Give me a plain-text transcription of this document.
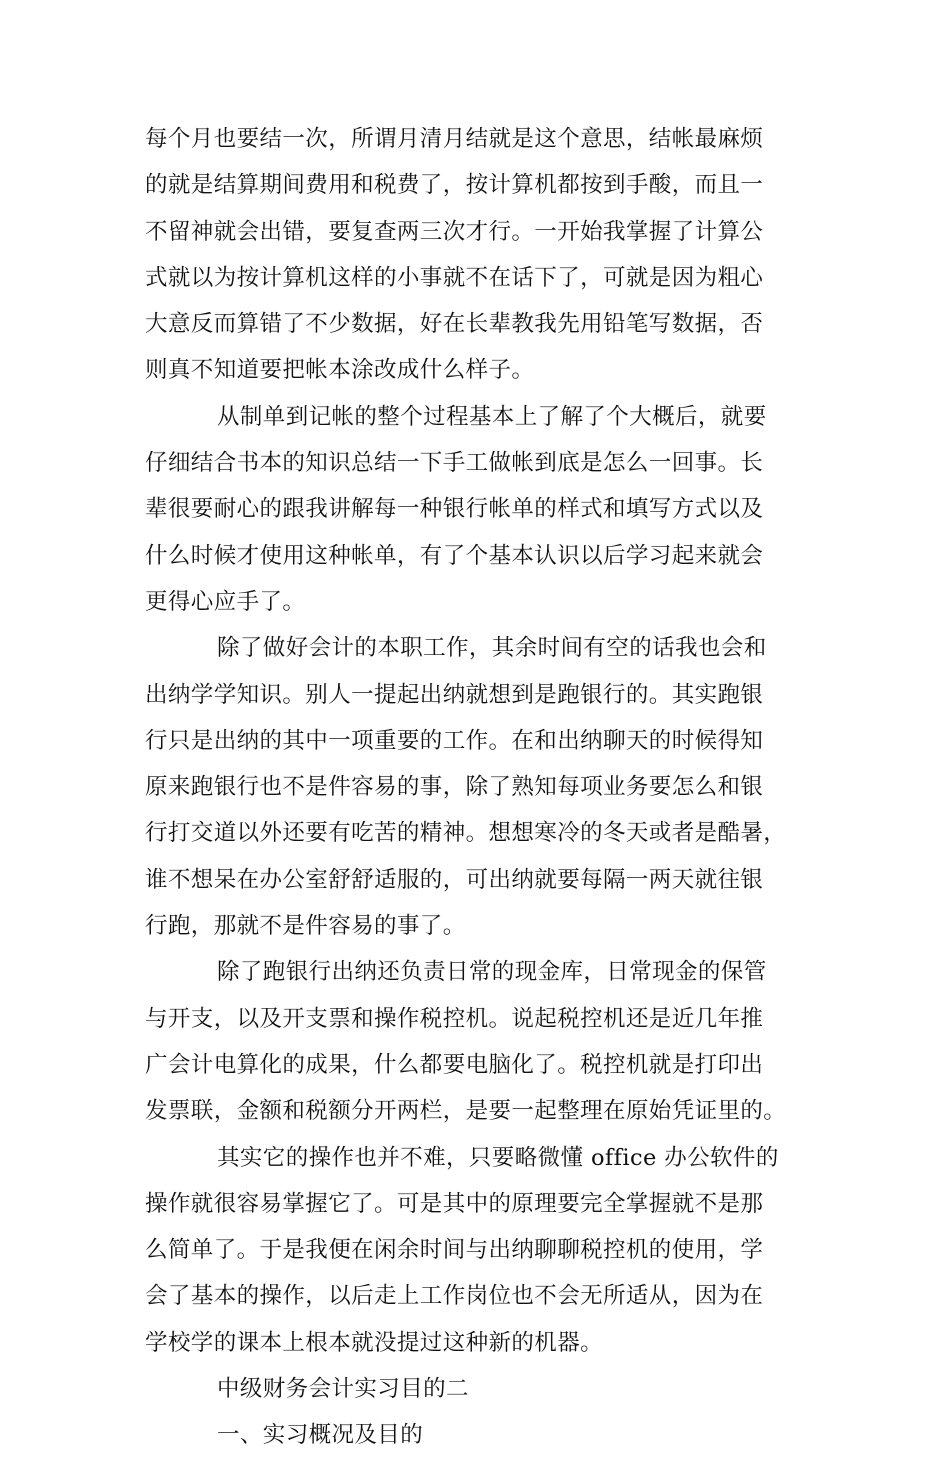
每个月也要结一次，所谓月清月结就是这个意思，结帐最麻烦
的就是结算期间费用和税费了，按计算机都按到手酸，而且一
不留神就会出错，要复查两三次才行。一开始我掌握了计算公
式就以为按计算机这样的小事就不在话下了，可就是因为粗心
大意反而算错了不少数据，好在长辈教我先用铅笔写数据，否
则真不知道要把帐本涂改成什么样子。
从制单到记帐的整个过程基本上了解了个大概后，就要
仔细结合书本的知识总结一下手工做帐到底是怎么一回事。长
辈很要耐心的跟我讲解每一种银行帐单的样式和填写方式以及
什么时候才使用这种帐单，有了个基本认识以后学习起来就会
更得心应手了。
除了做好会计的本职工作，其余时间有空的话我也会和
出纳学学知识。别人一提起出纳就想到是跑银行的。其实跑银
行只是出纳的其中一项重要的工作。在和出纳聊天的时候得知
原来跑银行也不是件容易的事，除了熟知每项业务要怎么和银
行打交道以外还要有吃苦的精神。想想寒冷的冬天或者是酷暑，
谁不想呆在办公室舒舒适服的，可出纳就要每隔一两天就往银
行跑，那就不是件容易的事了。
除了跑银行出纳还负责日常的现金库，日常现金的保管
与开支，以及开支票和操作税控机。说起税控机还是近几年推
广会计电算化的成果，什么都要电脑化了。税控机就是打印出
发票联，金额和税额分开两栏，是要一起整理在原始凭证里的。
其实它的操作也并不难，只要略微懂 office 办公软件的
操作就很容易掌握它了。可是其中的原理要完全掌握就不是那
么简单了。于是我便在闲余时间与出纳聊聊税控机的使用，学
会了基本的操作，以后走上工作岗位也不会无所适从，因为在
学校学的课本上根本就没提过这种新的机器。
中级财务会计实习目的二
一、实习概况及目的
